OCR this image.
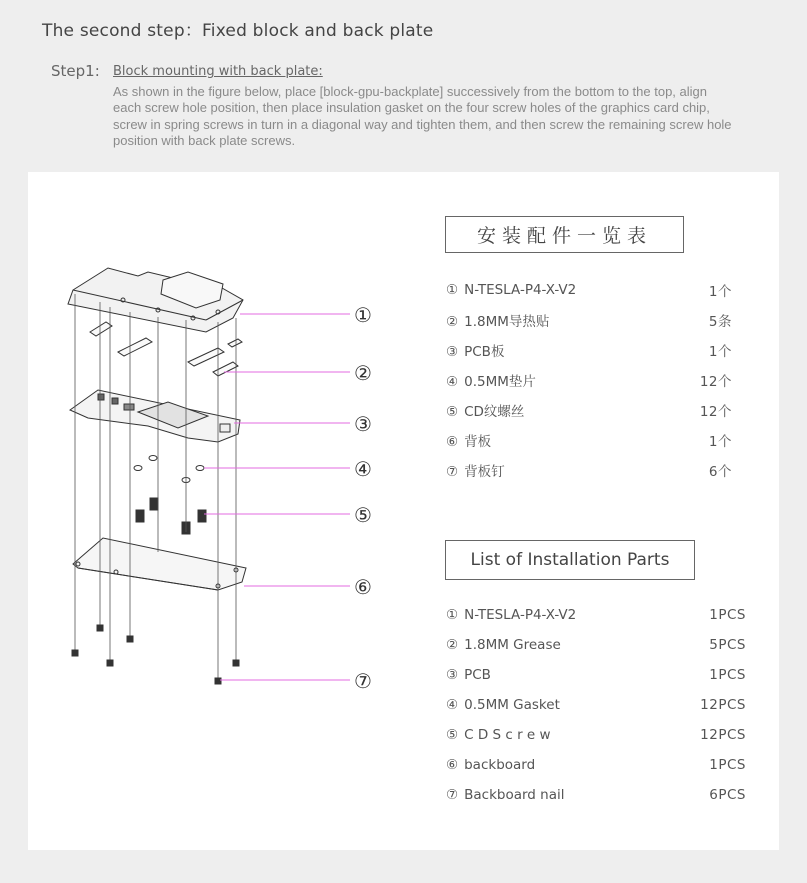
The second step：Fixed block and back plate
Step1: Block mounting with back plate:
As shown in the figure below, place [block-gpu-backplate] successively from the bottom to the top, align each screw hole position, then place insulation gasket on the four screw holes of the graphics card chip, screw in spring screws in turn in a diagonal way and tighten them, and then screw the remaining screw hole position with back plate screws.
①
②
③
④
⑤
⑥
⑦
安装配件一览表
① N-TESLA-P4-X-V2	1个
② 1.8MM导热贴	5条
③ PCB板	1个
④ 0.5MM垫片	12个
⑤ CD纹螺丝	12个
⑥ 背板	1个
⑦ 背板钉	6个
List of Installation Parts
① N-TESLA-P4-X-V2	1PCS
② 1.8MM Grease	5PCS
③ PCB	1PCS
④ 0.5MM Gasket	12PCS
⑤ C D S c r e w	12PCS
⑥ backboard	1PCS
⑦ Backboard nail	6PCS
